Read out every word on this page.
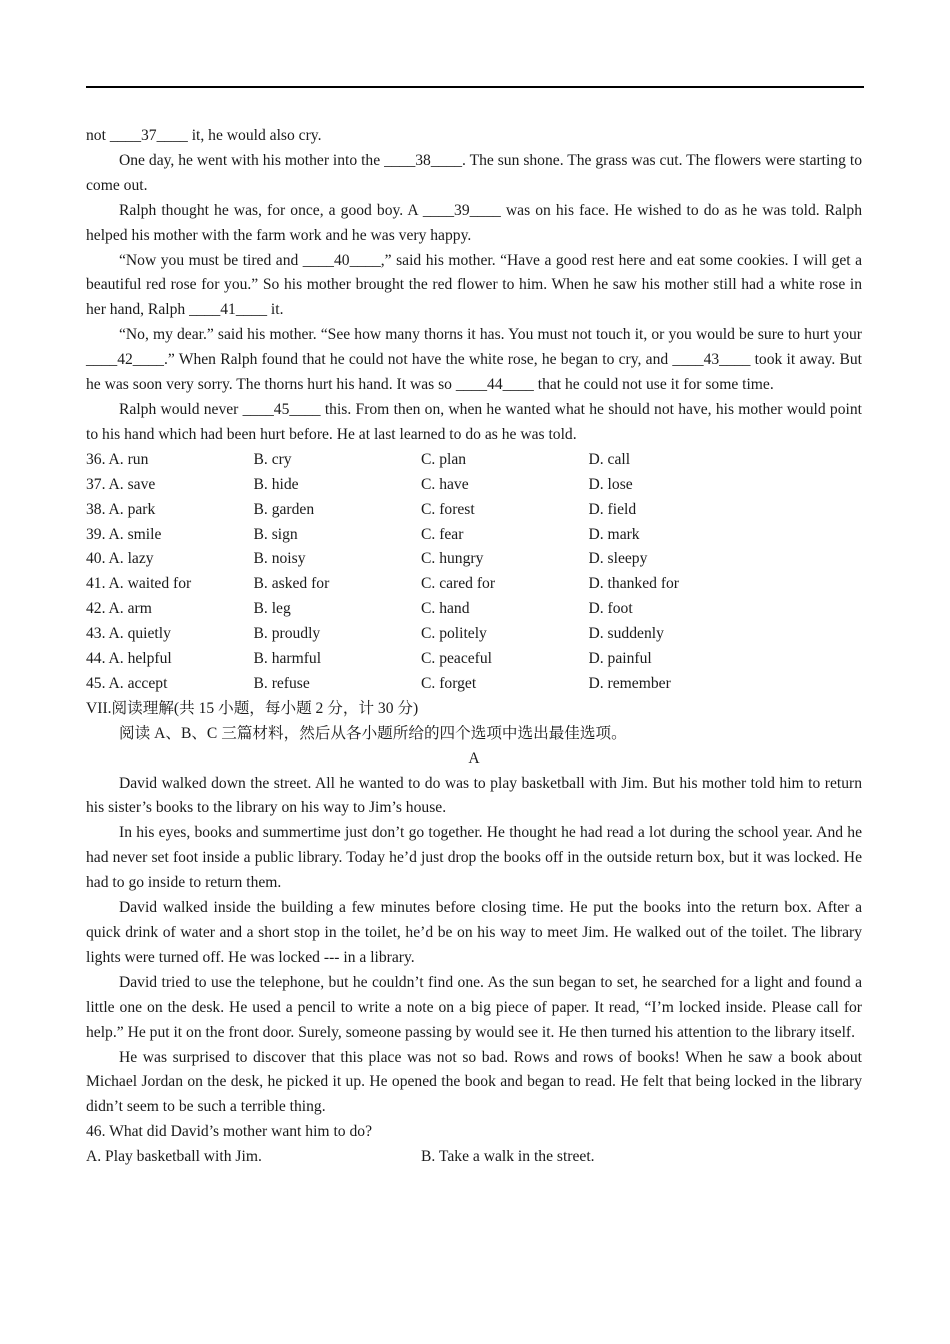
not ____37____ it, he would also cry.

One day, he went with his mother into the ____38____. The sun shone. The grass was cut. The flowers were starting to come out.

Ralph thought he was, for once, a good boy. A ____39____ was on his face. He wished to do as he was told. Ralph helped his mother with the farm work and he was very happy.

“Now you must be tired and ____40____,” said his mother. “Have a good rest here and eat some cookies. I will get a beautiful red rose for you.” So his mother brought the red flower to him. When he saw his mother still had a white rose in her hand, Ralph ____41____ it.

“No, my dear.” said his mother. “See how many thorns it has. You must not touch it, or you would be sure to hurt your ____42____.” When Ralph found that he could not have the white rose, he began to cry, and ____43____ took it away. But he was soon very sorry. The thorns hurt his hand. It was so ____44____ that he could not use it for some time.

Ralph would never ____45____ this. From then on, when he wanted what he should not have, his mother would point to his hand which had been hurt before. He at last learned to do as he was told.

36. A. run	B. cry	C. plan	D. call
37. A. save	B. hide	C. have	D. lose
38. A. park	B. garden	C. forest	D. field
39. A. smile	B. sign	C. fear	D. mark
40. A. lazy	B. noisy	C. hungry	D. sleepy
41. A. waited for	B. asked for	C. cared for	D. thanked for
42. A. arm	B. leg	C. hand	D. foot
43. A. quietly	B. proudly	C. politely	D. suddenly
44. A. helpful	B. harmful	C. peaceful	D. painful
45. A. accept	B. refuse	C. forget	D. remember

VII.阅读理解(共 15 小题，每小题 2 分，计 30 分)

阅读 A、B、C 三篇材料，然后从各小题所给的四个选项中选出最佳选项。

A

David walked down the street. All he wanted to do was to play basketball with Jim. But his mother told him to return his sister’s books to the library on his way to Jim’s house.

In his eyes, books and summertime just don’t go together. He thought he had read a lot during the school year. And he had never set foot inside a public library. Today he’d just drop the books off in the outside return box, but it was locked. He had to go inside to return them.

David walked inside the building a few minutes before closing time. He put the books into the return box. After a quick drink of water and a short stop in the toilet, he’d be on his way to meet Jim. He walked out of the toilet. The library lights were turned off. He was locked --- in a library.

David tried to use the telephone, but he couldn’t find one. As the sun began to set, he searched for a light and found a little one on the desk. He used a pencil to write a note on a big piece of paper. It read, “I’m locked inside. Please call for help.” He put it on the front door. Surely, someone passing by would see it. He then turned his attention to the library itself.

He was surprised to discover that this place was not so bad. Rows and rows of books! When he saw a book about Michael Jordan on the desk, he picked it up. He opened the book and began to read. He felt that being locked in the library didn’t seem to be such a terrible thing.

46. What did David’s mother want him to do?

A. Play basketball with Jim.	B. Take a walk in the street.
